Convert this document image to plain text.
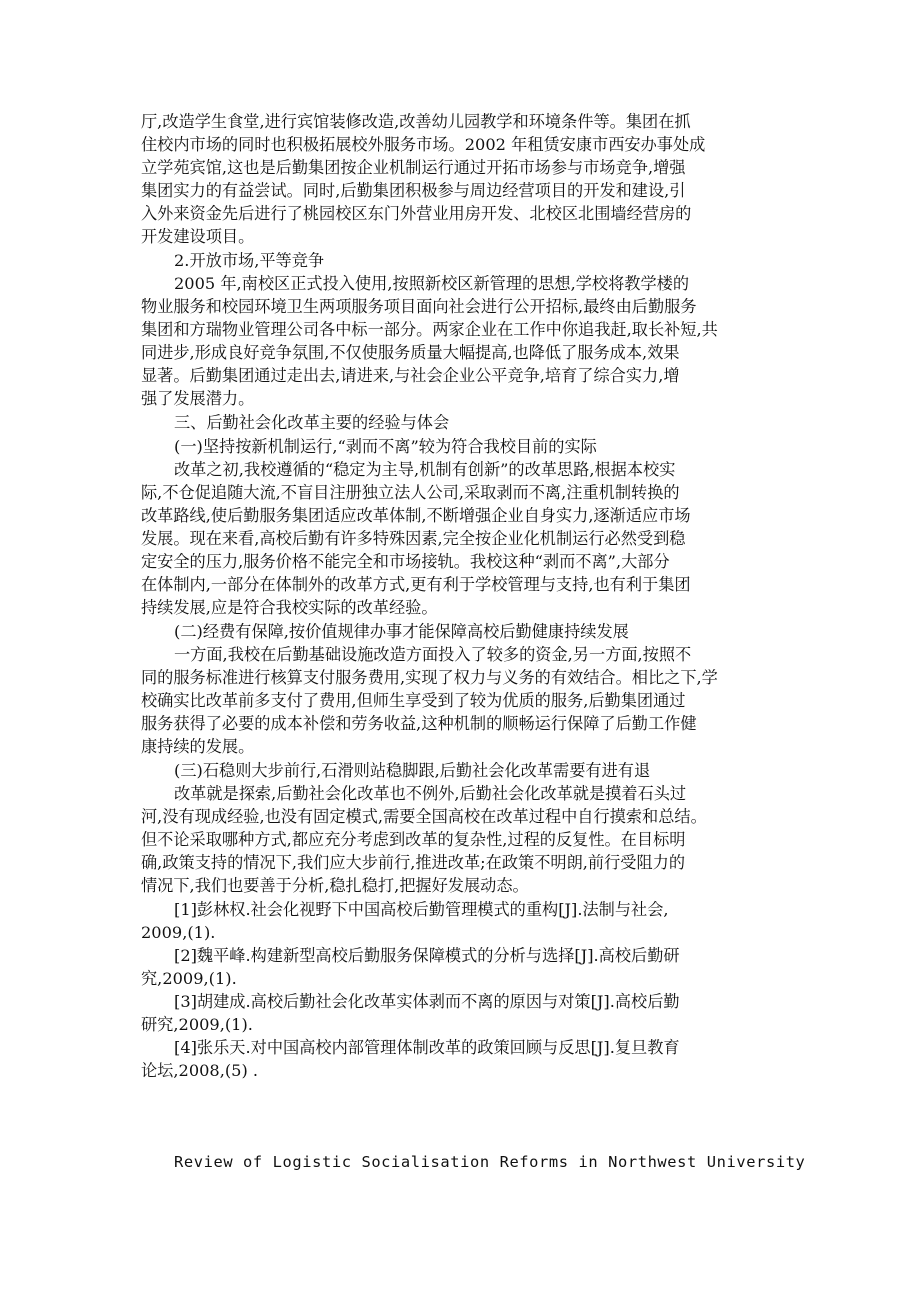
厅,改造学生食堂,进行宾馆装修改造,改善幼儿园教学和环境条件等。集团在抓
住校内市场的同时也积极拓展校外服务市场。2002 年租赁安康市西安办事处成
立学苑宾馆,这也是后勤集团按企业机制运行通过开拓市场参与市场竞争,增强
集团实力的有益尝试。同时,后勤集团积极参与周边经营项目的开发和建设,引
入外来资金先后进行了桃园校区东门外营业用房开发、北校区北围墙经营房的
开发建设项目。
2.开放市场,平等竞争
2005 年,南校区正式投入使用,按照新校区新管理的思想,学校将教学楼的
物业服务和校园环境卫生两项服务项目面向社会进行公开招标,最终由后勤服务
集团和方瑞物业管理公司各中标一部分。两家企业在工作中你追我赶,取长补短,共
同进步,形成良好竞争氛围,不仅使服务质量大幅提高,也降低了服务成本,效果
显著。后勤集团通过走出去,请进来,与社会企业公平竞争,培育了综合实力,增
强了发展潜力。
三、后勤社会化改革主要的经验与体会
(一)坚持按新机制运行,“剥而不离”较为符合我校目前的实际
改革之初,我校遵循的“稳定为主导,机制有创新”的改革思路,根据本校实
际,不仓促追随大流,不盲目注册独立法人公司,采取剥而不离,注重机制转换的
改革路线,使后勤服务集团适应改革体制,不断增强企业自身实力,逐渐适应市场
发展。现在来看,高校后勤有许多特殊因素,完全按企业化机制运行必然受到稳
定安全的压力,服务价格不能完全和市场接轨。我校这种“剥而不离”,大部分
在体制内,一部分在体制外的改革方式,更有利于学校管理与支持,也有利于集团
持续发展,应是符合我校实际的改革经验。
(二)经费有保障,按价值规律办事才能保障高校后勤健康持续发展
一方面,我校在后勤基础设施改造方面投入了较多的资金,另一方面,按照不
同的服务标准进行核算支付服务费用,实现了权力与义务的有效结合。相比之下,学
校确实比改革前多支付了费用,但师生享受到了较为优质的服务,后勤集团通过
服务获得了必要的成本补偿和劳务收益,这种机制的顺畅运行保障了后勤工作健
康持续的发展。
(三)石稳则大步前行,石滑则站稳脚跟,后勤社会化改革需要有进有退
改革就是探索,后勤社会化改革也不例外,后勤社会化改革就是摸着石头过
河,没有现成经验,也没有固定模式,需要全国高校在改革过程中自行摸索和总结。
但不论采取哪种方式,都应充分考虑到改革的复杂性,过程的反复性。在目标明
确,政策支持的情况下,我们应大步前行,推进改革;在政策不明朗,前行受阻力的
情况下,我们也要善于分析,稳扎稳打,把握好发展动态。
[1]彭林权.社会化视野下中国高校后勤管理模式的重构[J].法制与社会,
2009,(1).
[2]魏平峰.构建新型高校后勤服务保障模式的分析与选择[J].高校后勤研
究,2009,(1).
[3]胡建成.高校后勤社会化改革实体剥而不离的原因与对策[J].高校后勤
研究,2009,(1).
[4]张乐天.对中国高校内部管理体制改革的政策回顾与反思[J].复旦教育
论坛,2008,(5) .
Review of Logistic Socialisation Reforms in Northwest University
